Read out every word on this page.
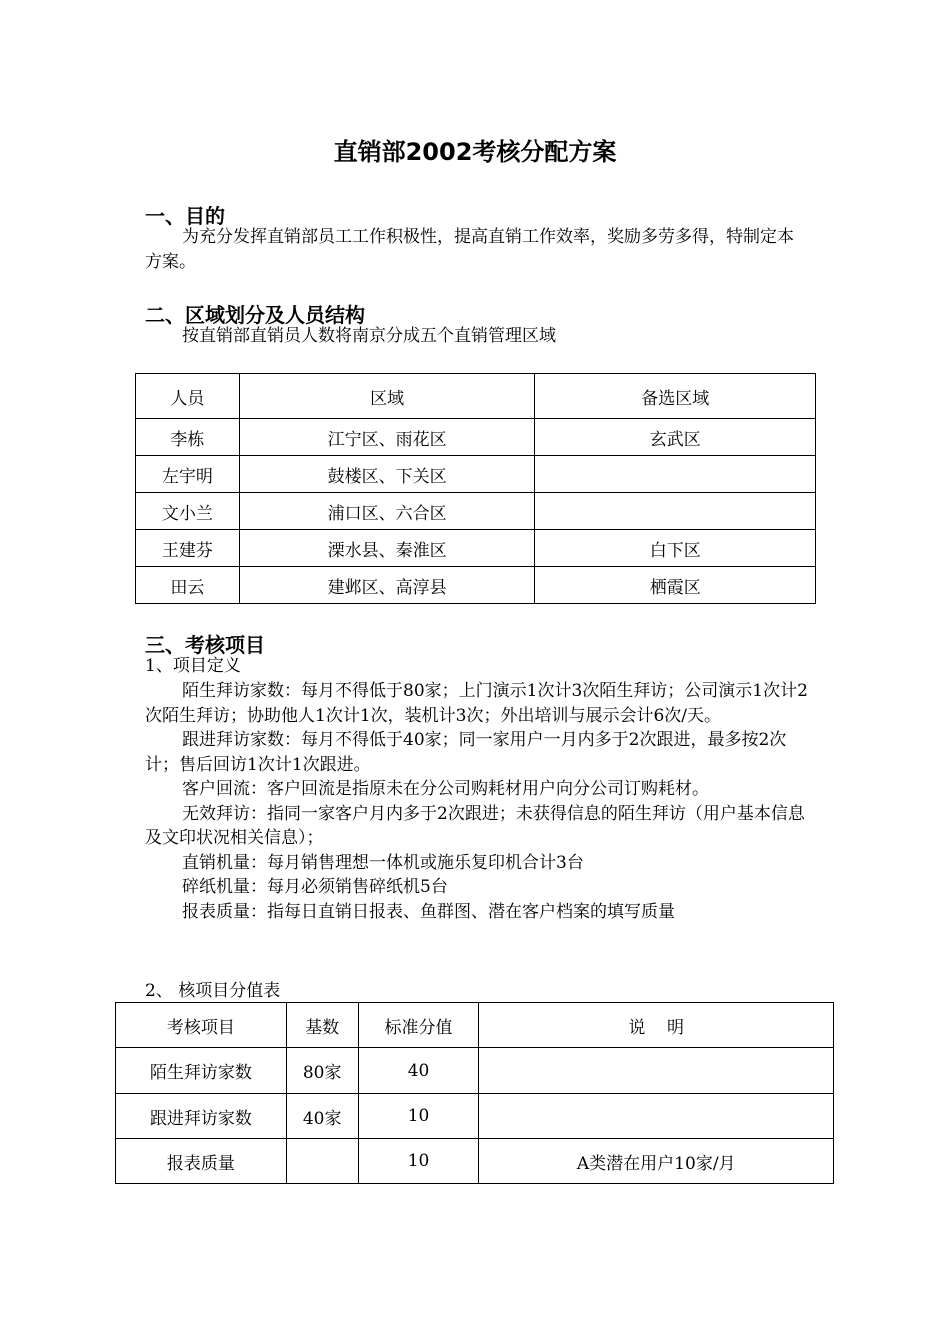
直销部2002考核分配方案
一、目的
为充分发挥直销部员工工作积极性，提高直销工作效率，奖励多劳多得，特制定本方案。
二、区域划分及人员结构
按直销部直销员人数将南京分成五个直销管理区域
人员	区域	备选区域
李栋	江宁区、雨花区	玄武区
左宇明	鼓楼区、下关区	
文小兰	浦口区、六合区	
王建芬	溧水县、秦淮区	白下区
田云	建邺区、高淳县	栖霞区
三、考核项目
1、项目定义
陌生拜访家数：每月不得低于80家；上门演示1次计3次陌生拜访；公司演示1次计2次陌生拜访；协助他人1次计1次，装机计3次；外出培训与展示会计6次/天。
跟进拜访家数：每月不得低于40家；同一家用户一月内多于2次跟进，最多按2次计；售后回访1次计1次跟进。
客户回流：客户回流是指原未在分公司购耗材用户向分公司订购耗材。
无效拜访：指同一家客户月内多于2次跟进；未获得信息的陌生拜访（用户基本信息及文印状况相关信息）；
直销机量：每月销售理想一体机或施乐复印机合计3台
碎纸机量：每月必须销售碎纸机5台
报表质量：指每日直销日报表、鱼群图、潜在客户档案的填写质量
2、 核项目分值表
考核项目	基数	标准分值	说    明
陌生拜访家数	80家	40	
跟进拜访家数	40家	10	
报表质量		10	A类潜在用户10家/月
